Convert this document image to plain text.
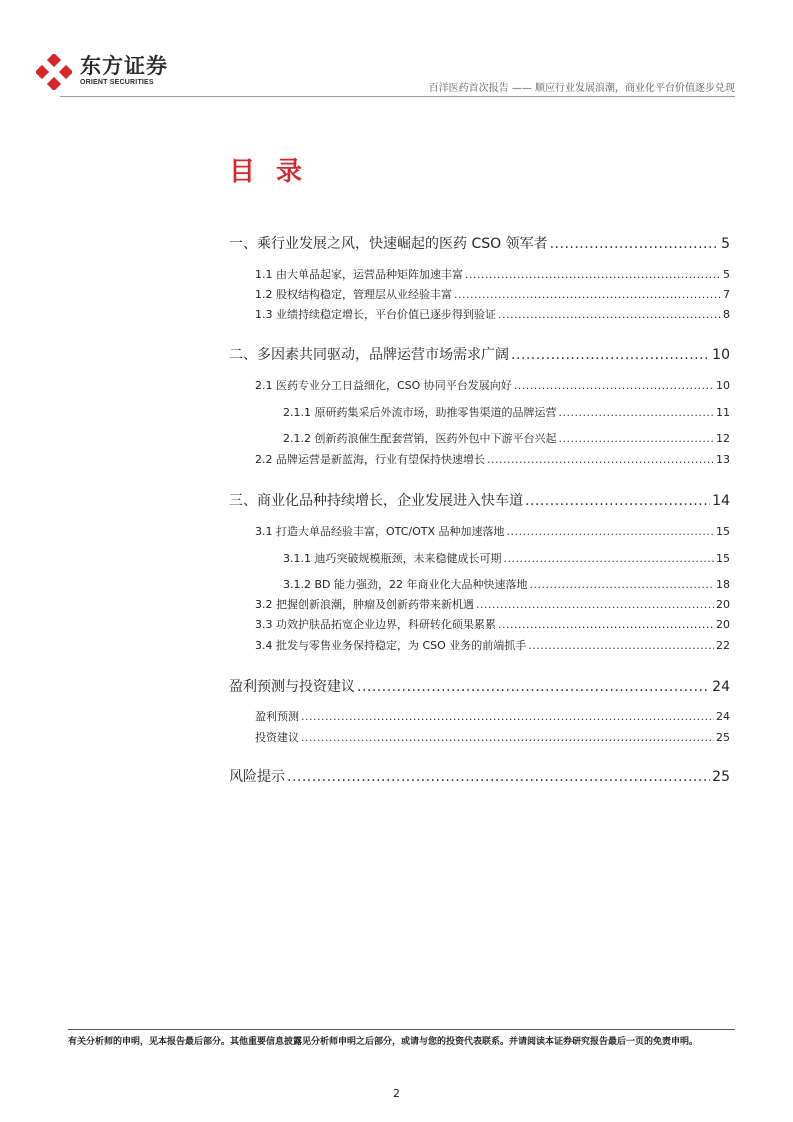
东方证券
ORIENT SECURITIES
百洋医药首次报告 —— 顺应行业发展浪潮，商业化平台价值逐步兑现
目 录
一、乘行业发展之风，快速崛起的医药 CSO 领军者 .....	5
1.1 由大单品起家，运营品种矩阵加速丰富 .....	5
1.2 股权结构稳定，管理层从业经验丰富 .....	7
1.3 业绩持续稳定增长，平台价值已逐步得到验证 .....	8
二、多因素共同驱动，品牌运营市场需求广阔 .....	10
2.1 医药专业分工日益细化，CSO 协同平台发展向好 .....	10
2.1.1 原研药集采后外流市场，助推零售渠道的品牌运营 .....	11
2.1.2 创新药浪催生配套营销，医药外包中下游平台兴起 .....	12
2.2 品牌运营是新蓝海，行业有望保持快速增长 .....	13
三、商业化品种持续增长，企业发展进入快车道 .....	14
3.1 打造大单品经验丰富，OTC/OTX 品种加速落地 .....	15
3.1.1 迪巧突破规模瓶颈，未来稳健成长可期 .....	15
3.1.2 BD 能力强劲，22 年商业化大品种快速落地 .....	18
3.2 把握创新浪潮，肿瘤及创新药带来新机遇 .....	20
3.3 功效护肤品拓宽企业边界，科研转化硕果累累 .....	20
3.4 批发与零售业务保持稳定，为 CSO 业务的前端抓手 .....	22
盈利预测与投资建议 .....	24
盈利预测 .....	24
投资建议 .....	25
风险提示 .....	25
有关分析师的申明，见本报告最后部分。其他重要信息披露见分析师申明之后部分，或请与您的投资代表联系。并请阅读本证券研究报告最后一页的免责申明。
2
